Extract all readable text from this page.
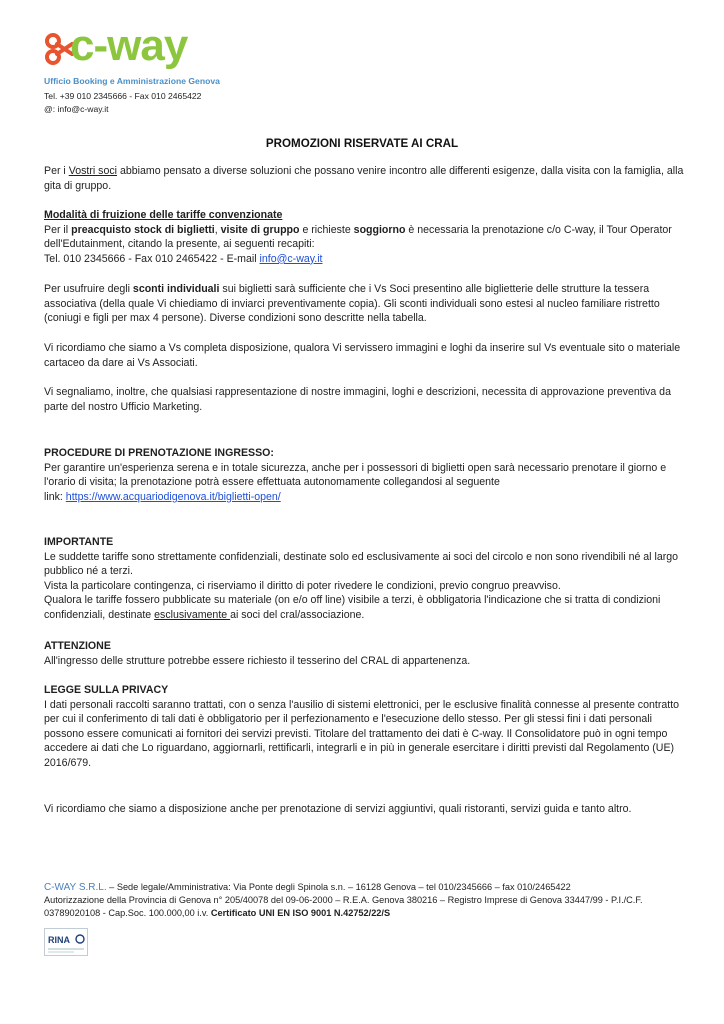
c-way
Ufficio Booking e Amministrazione Genova
Tel. +39 010 2345666 - Fax 010 2465422
@: info@c-way.it
PROMOZIONI RISERVATE AI CRAL

Per i Vostri soci abbiamo pensato a diverse soluzioni che possano venire incontro alle differenti esigenze, dalla visita con la famiglia, alla gita di gruppo.

Modalità di fruizione delle tariffe convenzionate

Per il preacquisto stock di biglietti, visite di gruppo e richieste soggiorno è necessaria la prenotazione c/o C-way, il Tour Operator dell'Edutainment, citando la presente, ai seguenti recapiti:

Tel. 010 2345666 - Fax 010 2465422 - E-mail info@c-way.it

Per usufruire degli sconti individuali sui biglietti sarà sufficiente che i Vs Soci presentino alle biglietterie delle strutture la tessera associativa (della quale Vi chiediamo di inviarci preventivamente copia). Gli sconti individuali sono estesi al nucleo familiare ristretto (coniugi e figli per max 4 persone). Diverse condizioni sono descritte nella tabella.

Vi ricordiamo che siamo a Vs completa disposizione, qualora Vi servissero immagini e loghi da inserire sul Vs eventuale sito o materiale cartaceo da dare ai Vs Associati.
Vi segnaliamo, inoltre, che qualsiasi rappresentazione di nostre immagini, loghi e descrizioni, necessita di approvazione preventiva da parte del nostro Ufficio Marketing.

PROCEDURE DI PRENOTAZIONE INGRESSO:

Per garantire un'esperienza serena e in totale sicurezza, anche per i possessori di biglietti open sarà necessario prenotare il giorno e l'orario di visita; la prenotazione potrà essere effettuata autonomamente collegandosi al seguente

link: https://www.acquariodigenova.it/biglietti-open/

IMPORTANTE

Le suddette tariffe sono strettamente confidenziali, destinate solo ed esclusivamente ai soci del circolo e non sono rivendibili né al largo pubblico né a terzi.

Vista la particolare contingenza, ci riserviamo il diritto di poter rivedere le condizioni, previo congruo preavviso.

Qualora le tariffe fossero pubblicate su materiale (on e/o off line) visibile a terzi, è obbligatoria l'indicazione che si tratta di condizioni confidenziali, destinate esclusivamente ai soci del cral/associazione.

ATTENZIONE

All'ingresso delle strutture potrebbe essere richiesto il tesserino del CRAL di appartenenza.

LEGGE SULLA PRIVACY

I dati personali raccolti saranno trattati, con o senza l'ausilio di sistemi elettronici, per le esclusive finalità connesse al presente contratto per cui il conferimento di tali dati è obbligatorio per il perfezionamento e l'esecuzione dello stesso. Per gli stessi fini i dati personali possono essere comunicati ai fornitori dei servizi previsti. Titolare del trattamento dei dati è C-way. Il Consolidatore può in ogni tempo accedere ai dati che Lo riguardano, aggiornarli, rettificarli, integrarli e in più in generale esercitare i diritti previsti dal Regolamento (UE) 2016/679.

Vi ricordiamo che siamo a disposizione anche per prenotazione di servizi aggiuntivi, quali ristoranti, servizi guida e tanto altro.
C-WAY S.R.L. – Sede legale/Amministrativa: Via Ponte degli Spinola s.n. – 16128 Genova – tel 010/2345666 – fax 010/2465422
Autorizzazione della Provincia di Genova n° 205/40078 del 09-06-2000 – R.E.A. Genova 380216 – Registro Imprese di Genova 33447/99 - P.I./C.F. 03789020108 - Cap.Soc. 100.000,00 i.v. Certificato UNI EN ISO 9001 N.42752/22/S
RINA
